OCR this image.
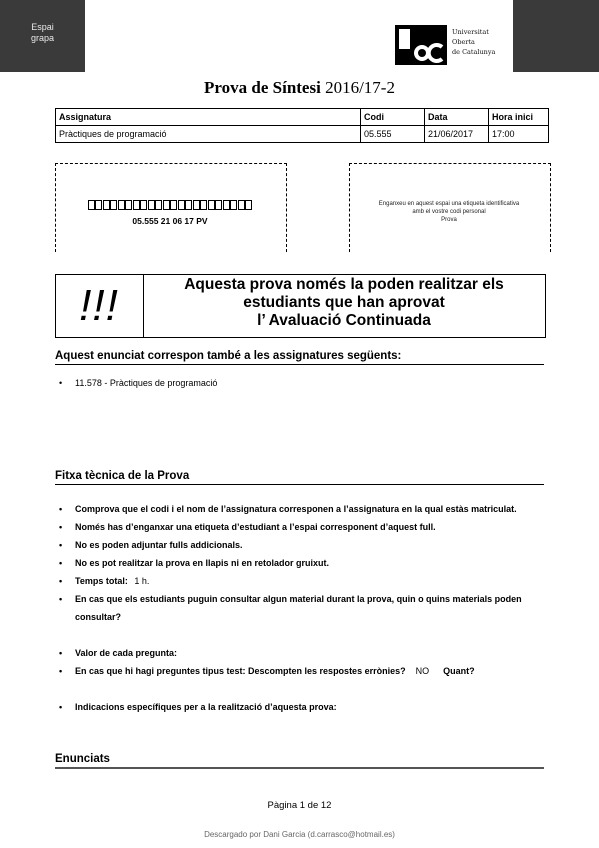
Espai
grapa
Universitat
Oberta
de Catalunya
Prova de Síntesi 2016/17-2
Assignatura	Codi	Data	Hora inici
Pràctiques de programació	05.555	21/06/2017	17:00
05.555 21 06 17 PV
Enganxeu en aquest espai una etiqueta identificativa
amb el vostre codi personal
Prova
!!!	Aquesta prova només la poden realitzar els
estudiants que han aprovat
l’ Avaluació Continuada
Aquest enunciat correspon també a les assignatures següents:
• 11.578 - Pràctiques de programació
Fitxa tècnica de la Prova
• Comprova que el codi i el nom de l’assignatura corresponen a l’assignatura en la qual estàs matriculat.
• Només has d’enganxar una etiqueta d’estudiant a l’espai corresponent d’aquest full.
• No es poden adjuntar fulls addicionals.
• No es pot realitzar la prova en llapis ni en retolador gruixut.
• Temps total: 1 h.
• En cas que els estudiants puguin consultar algun material durant la prova, quin o quins materials poden consultar?
• Valor de cada pregunta:
• En cas que hi hagi preguntes tipus test: Descompten les respostes errònies? NO Quant?
• Indicacions específiques per a la realització d’aquesta prova:
Enunciats
Pàgina 1 de 12
Descargado por Dani Garcia (d.carrasco@hotmail.es)
